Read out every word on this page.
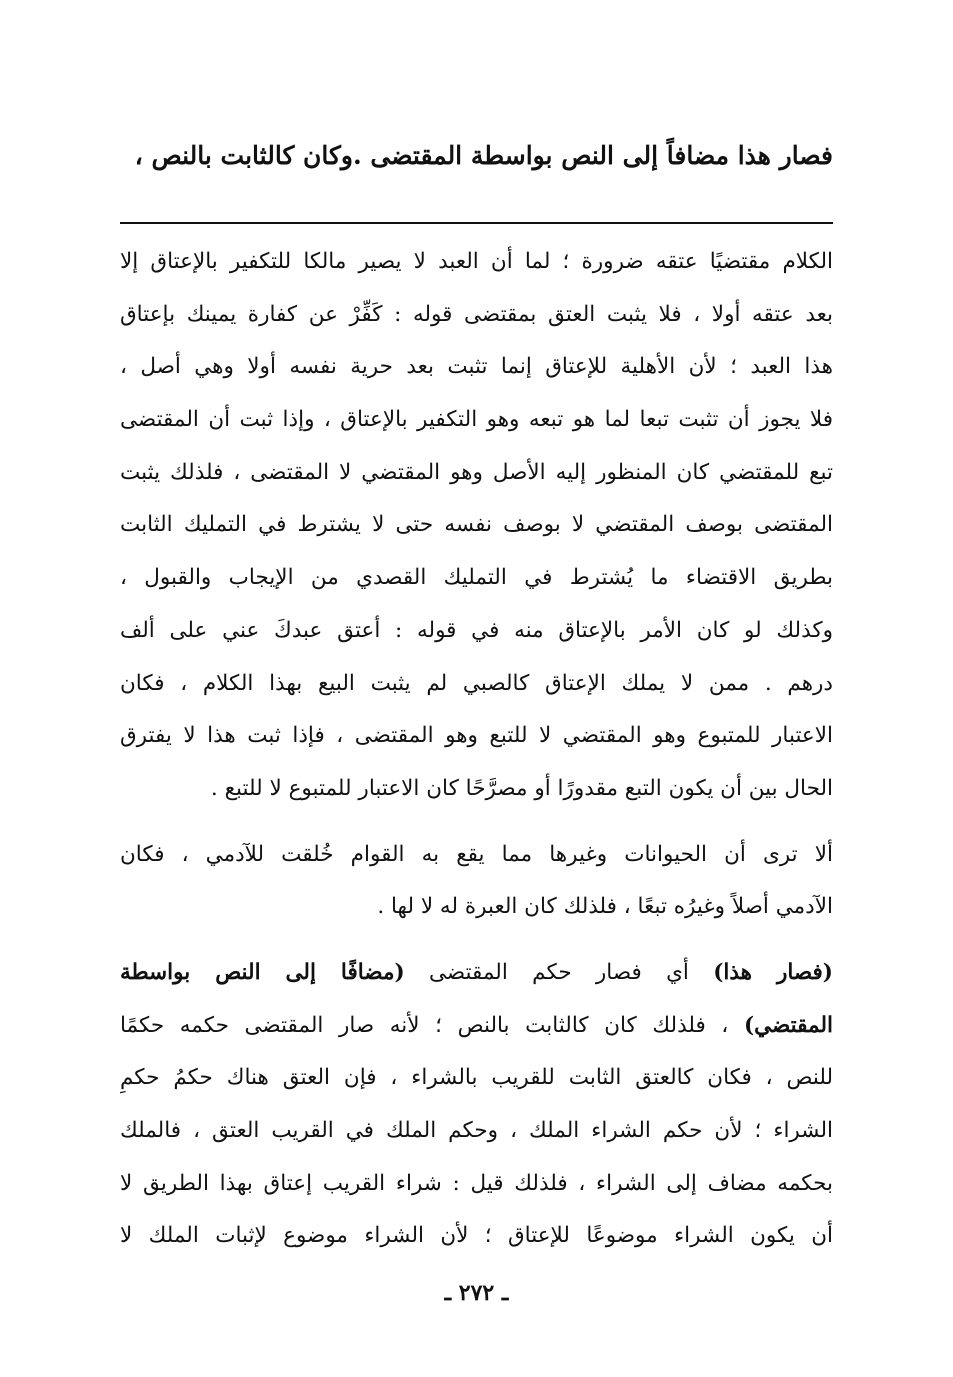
فصار هذا مضافاً إلى النص بواسطة المقتضى .وكان كالثابت بالنص ،
الكلام مقتضيًا عتقه ضرورة ؛ لما أن العبد لا يصير مالكا للتكفير بالإعتاق إلا
بعد عتقه أولا ، فلا يثبت العتق بمقتضى قوله : كَفِّرْ عن كفارة يمينك بإعتاق
هذا العبد ؛ لأن الأهلية للإعتاق إنما تثبت بعد حرية نفسه أولا وهي أصل ،
فلا يجوز أن تثبت تبعا لما هو تبعه وهو التكفير بالإعتاق ، وإذا ثبت أن المقتضى
تبع للمقتضي كان المنظور إليه الأصل وهو المقتضي لا المقتضى ، فلذلك يثبت
المقتضى بوصف المقتضي لا بوصف نفسه حتى لا يشترط في التمليك الثابت
بطريق الاقتضاء ما يُشترط في التمليك القصدي من الإيجاب والقبول ،
وكذلك لو كان الأمر بالإعتاق منه في قوله : أعتق عبدكَ عني على ألف
درهم . ممن لا يملك الإعتاق كالصبي لم يثبت البيع بهذا الكلام ، فكان
الاعتبار للمتبوع وهو المقتضي لا للتبع وهو المقتضى ، فإذا ثبت هذا لا يفترق
الحال بين أن يكون التبع مقدورًا أو مصرَّحًا كان الاعتبار للمتبوع لا للتبع .
ألا ترى أن الحيوانات وغيرها مما يقع به القوام خُلقت للآدمي ، فكان
الآدمي أصلاً وغيرُه تبعًا ، فلذلك كان العبرة له لا لها .
(فصار هذا) أي فصار حكم المقتضى (مضافًا إلى النص بواسطة
المقتضي) ، فلذلك كان كالثابت بالنص ؛ لأنه صار المقتضى حكمه حكمًا
للنص ، فكان كالعتق الثابت للقريب بالشراء ، فإن العتق هناك حكمُ حكمِ
الشراء ؛ لأن حكم الشراء الملك ، وحكم الملك في القريب العتق ، فالملك
بحكمه مضاف إلى الشراء ، فلذلك قيل : شراء القريب إعتاق بهذا الطريق لا
أن يكون الشراء موضوعًا للإعتاق ؛ لأن الشراء موضوع لإثبات الملك لا
ـ ٢٧٢ ـ
